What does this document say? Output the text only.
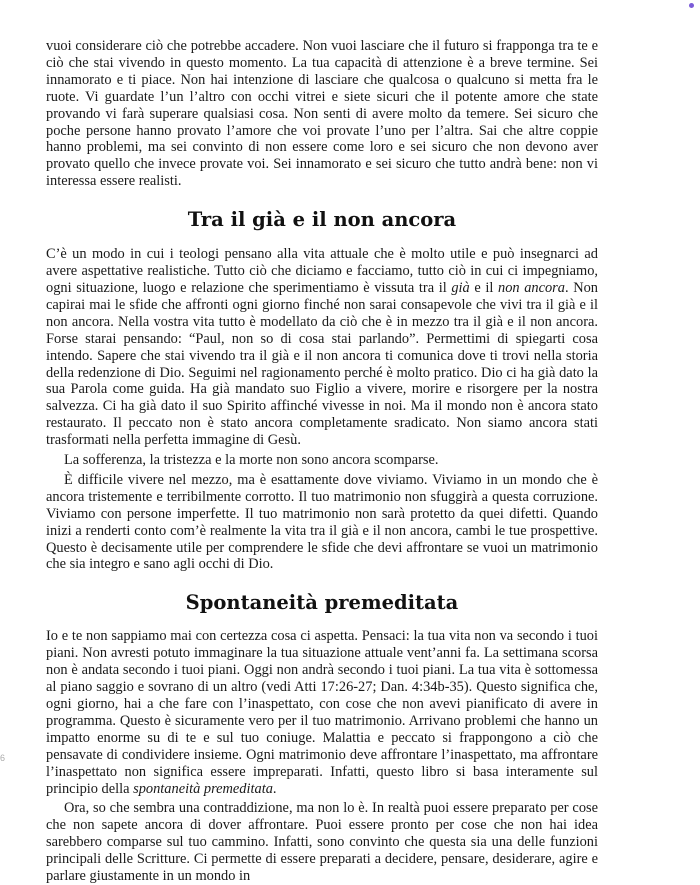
vuoi considerare ciò che potrebbe accadere. Non vuoi lasciare che il futuro si frapponga tra te e ciò che stai vivendo in questo momento. La tua capacità di attenzione è a breve termine. Sei innamorato e ti piace. Non hai intenzione di lasciare che qualcosa o qualcuno si metta fra le ruote. Vi guardate l’un l’altro con occhi vitrei e siete sicuri che il potente amore che state provando vi farà superare qualsiasi cosa. Non senti di avere molto da temere. Sei sicuro che poche persone hanno provato l’amore che voi provate l’uno per l’altra. Sai che altre coppie hanno problemi, ma sei convinto di non essere come loro e sei sicuro che non devono aver provato quello che invece provate voi. Sei innamorato e sei sicuro che tutto andrà bene: non vi interessa essere realisti.

Tra il già e il non ancora

C’è un modo in cui i teologi pensano alla vita attuale che è molto utile e può insegnarci ad avere aspettative realistiche. Tutto ciò che diciamo e facciamo, tutto ciò in cui ci impegniamo, ogni situazione, luogo e relazione che sperimentiamo è vissuta tra il già e il non ancora. Non capirai mai le sfide che affronti ogni giorno finché non sarai consapevole che vivi tra il già e il non ancora. Nella vostra vita tutto è modellato da ciò che è in mezzo tra il già e il non ancora. Forse starai pensando: “Paul, non so di cosa stai parlando”. Permettimi di spiegarti cosa intendo. Sapere che stai vivendo tra il già e il non ancora ti comunica dove ti trovi nella storia della redenzione di Dio. Seguimi nel ragionamento perché è molto pratico. Dio ci ha già dato la sua Parola come guida. Ha già mandato suo Figlio a vivere, morire e risorgere per la nostra salvezza. Ci ha già dato il suo Spirito affinché vivesse in noi. Ma il mondo non è ancora stato restaurato. Il peccato non è stato ancora completamente sradicato. Non siamo ancora stati trasformati nella perfetta immagine di Gesù.

La sofferenza, la tristezza e la morte non sono ancora scomparse.

È difficile vivere nel mezzo, ma è esattamente dove viviamo. Viviamo in un mondo che è ancora tristemente e terribilmente corrotto. Il tuo matrimonio non sfuggirà a questa corruzione. Viviamo con persone imperfette. Il tuo matrimonio non sarà protetto da quei difetti. Quando inizi a renderti conto com’è realmente la vita tra il già e il non ancora, cambi le tue prospettive. Questo è decisamente utile per comprendere le sfide che devi affrontare se vuoi un matrimonio che sia integro e sano agli occhi di Dio.

Spontaneità premeditata

Io e te non sappiamo mai con certezza cosa ci aspetta. Pensaci: la tua vita non va secondo i tuoi piani. Non avresti potuto immaginare la tua situazione attuale vent’anni fa. La settimana scorsa non è andata secondo i tuoi piani. Oggi non andrà secondo i tuoi piani. La tua vita è sottomessa al piano saggio e sovrano di un altro (vedi Atti 17:26-27; Dan. 4:34b-35). Questo significa che, ogni giorno, hai a che fare con l’inaspettato, con cose che non avevi pianificato di avere in programma. Questo è sicuramente vero per il tuo matrimonio. Arrivano problemi che hanno un impatto enorme su di te e sul tuo coniuge. Malattia e peccato si frappongono a ciò che pensavate di condividere insieme. Ogni matrimonio deve affrontare l’inaspettato, ma affrontare l’inaspettato non significa essere impreparati. Infatti, questo libro si basa interamente sul principio della spontaneità premeditata.

Ora, so che sembra una contraddizione, ma non lo è. In realtà puoi essere preparato per cose che non sapete ancora di dover affrontare. Puoi essere pronto per cose che non hai idea sarebbero comparse sul tuo cammino. Infatti, sono convinto che questa sia una delle funzioni principali delle Scritture. Ci permette di essere preparati a decidere, pensare, desiderare, agire e parlare giustamente in un mondo in

6
